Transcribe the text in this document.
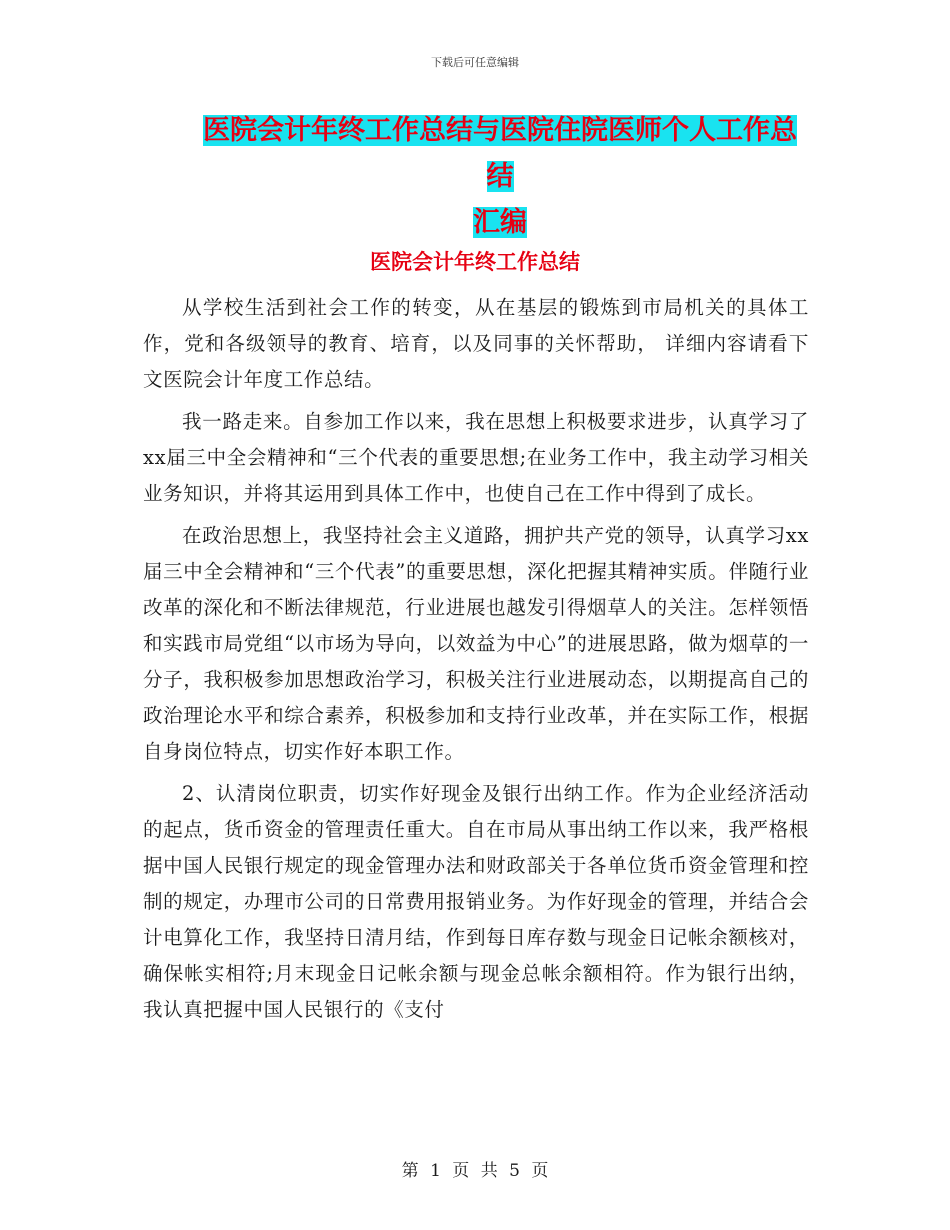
下载后可任意编辑
医院会计年终工作总结与医院住院医师个人工作总结
汇编
医院会计年终工作总结

从学校生活到社会工作的转变，从在基层的锻炼到市局机关的具体工作，党和各级领导的教育、培育，以及同事的关怀帮助， 详细内容请看下文医院会计年度工作总结。

我一路走来。自参加工作以来，我在思想上积极要求进步，认真学习了xx届三中全会精神和“三个代表的重要思想;在业务工作中，我主动学习相关业务知识，并将其运用到具体工作中，也使自己在工作中得到了成长。

在政治思想上，我坚持社会主义道路，拥护共产党的领导，认真学习xx届三中全会精神和“三个代表”的重要思想，深化把握其精神实质。伴随行业改革的深化和不断法律规范，行业进展也越发引得烟草人的关注。怎样领悟和实践市局党组“以市场为导向，以效益为中心”的进展思路，做为烟草的一分子，我积极参加思想政治学习，积极关注行业进展动态，以期提高自己的政治理论水平和综合素养，积极参加和支持行业改革，并在实际工作，根据自身岗位特点，切实作好本职工作。

2、认清岗位职责，切实作好现金及银行出纳工作。作为企业经济活动的起点，货币资金的管理责任重大。自在市局从事出纳工作以来，我严格根据中国人民银行规定的现金管理办法和财政部关于各单位货币资金管理和控制的规定，办理市公司的日常费用报销业务。为作好现金的管理，并结合会计电算化工作，我坚持日清月结，作到每日库存数与现金日记帐余额核对，确保帐实相符;月末现金日记帐余额与现金总帐余额相符。作为银行出纳，我认真把握中国人民银行的《支付

第 1 页 共 5 页
